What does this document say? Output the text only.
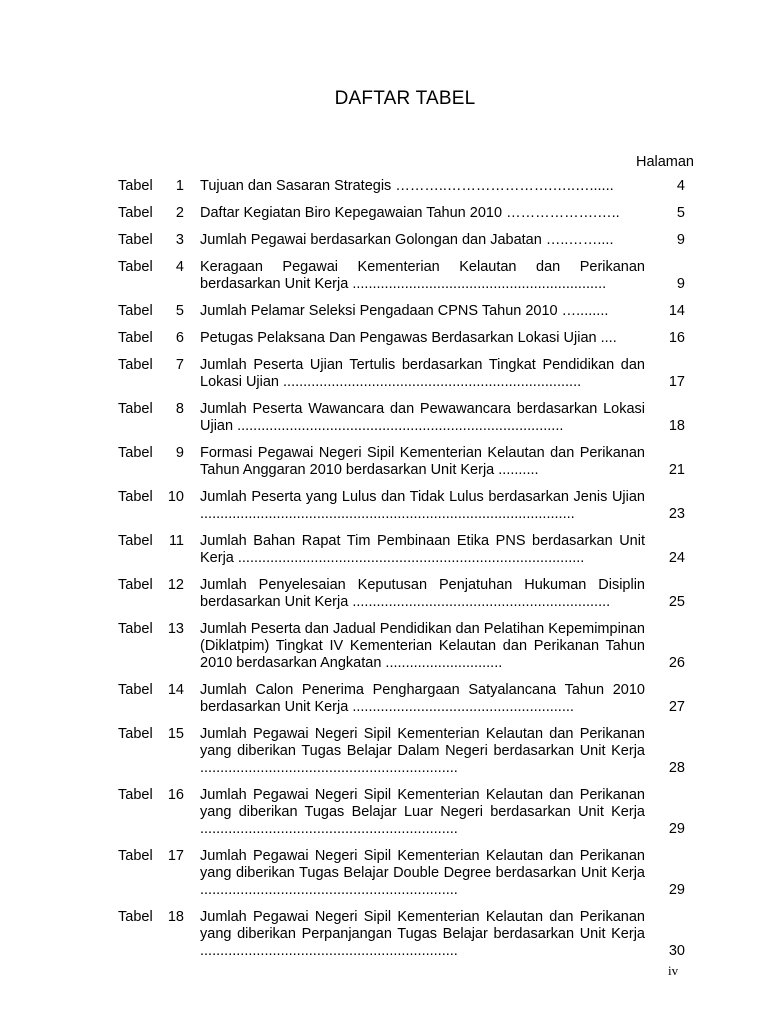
DAFTAR TABEL
Halaman
Tabel	1 Tujuan dan Sasaran Strategis ………..………………….…..…......	4
Tabel	2 Daftar Kegiatan Biro Kepegawaian Tahun 2010 ……………….…..	5
Tabel	3 Jumlah Pegawai berdasarkan Golongan dan Jabatan …..……....	9
Tabel	4 Keragaan Pegawai Kementerian Kelautan dan Perikanan berdasarkan Unit Kerja ...............................................................	9
Tabel	5 Jumlah Pelamar Seleksi Pengadaan CPNS Tahun 2010 …........	14
Tabel	6 Petugas Pelaksana Dan Pengawas Berdasarkan Lokasi Ujian ....	16
Tabel	7 Jumlah Peserta Ujian Tertulis berdasarkan Tingkat Pendidikan dan Lokasi Ujian ..........................................................................	17
Tabel	8 Jumlah Peserta Wawancara dan Pewawancara berdasarkan Lokasi Ujian .................................................................................	18
Tabel	9 Formasi Pegawai Negeri Sipil Kementerian Kelautan dan Perikanan Tahun Anggaran 2010 berdasarkan Unit Kerja ..........	21
Tabel	10 Jumlah Peserta yang Lulus dan Tidak Lulus berdasarkan Jenis Ujian .............................................................................................	23
Tabel	11 Jumlah Bahan Rapat Tim Pembinaan Etika PNS berdasarkan Unit Kerja ......................................................................................	24
Tabel	12 Jumlah Penyelesaian Keputusan Penjatuhan Hukuman Disiplin berdasarkan Unit Kerja ................................................................	25
Tabel	13 Jumlah Peserta dan Jadual Pendidikan dan Pelatihan Kepemimpinan (Diklatpim) Tingkat IV Kementerian Kelautan dan Perikanan Tahun 2010 berdasarkan Angkatan .............................	26
Tabel	14 Jumlah Calon Penerima Penghargaan Satyalancana Tahun 2010 berdasarkan Unit Kerja .......................................................	27
Tabel	15 Jumlah Pegawai Negeri Sipil Kementerian Kelautan dan Perikanan yang diberikan Tugas Belajar Dalam Negeri berdasarkan Unit Kerja ................................................................	28
Tabel	16 Jumlah Pegawai Negeri Sipil Kementerian Kelautan dan Perikanan yang diberikan Tugas Belajar Luar Negeri berdasarkan Unit Kerja ................................................................	29
Tabel	17 Jumlah Pegawai Negeri Sipil Kementerian Kelautan dan Perikanan yang diberikan Tugas Belajar Double Degree berdasarkan Unit Kerja ................................................................	29
Tabel	18 Jumlah Pegawai Negeri Sipil Kementerian Kelautan dan Perikanan yang diberikan Perpanjangan Tugas Belajar berdasarkan Unit Kerja ................................................................	30
iv
